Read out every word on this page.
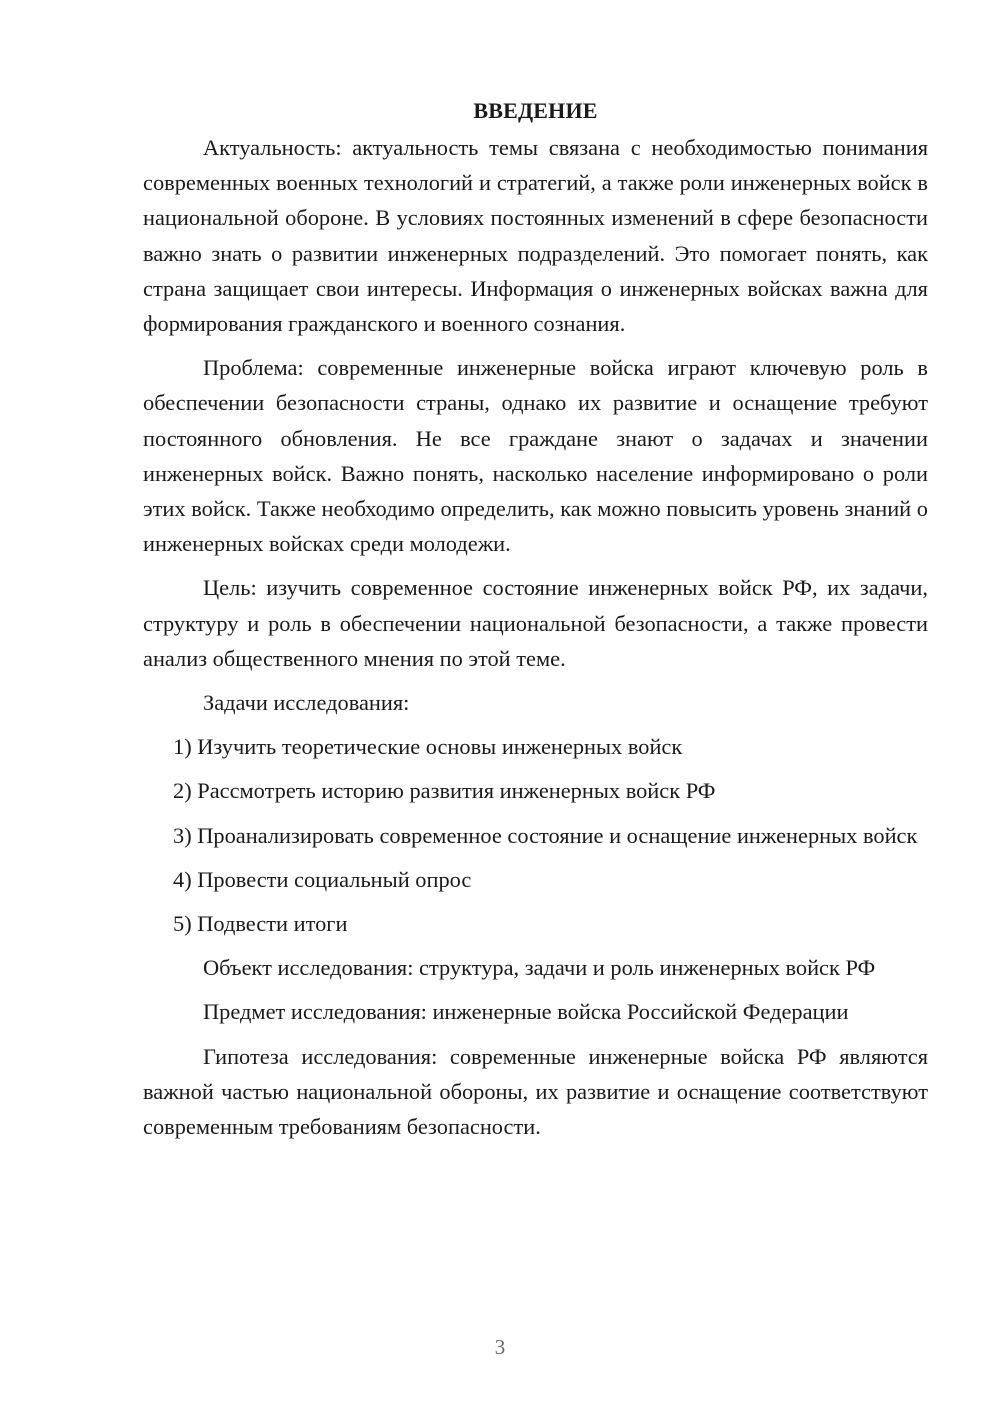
ВВЕДЕНИЕ

Актуальность: актуальность темы связана с необходимостью понимания современных военных технологий и стратегий, а также роли инженерных войск в национальной обороне. В условиях постоянных изменений в сфере безопасности важно знать о развитии инженерных подразделений. Это помогает понять, как страна защищает свои интересы. Информация о инженерных войсках важна для формирования гражданского и военного сознания.

Проблема: современные инженерные войска играют ключевую роль в обеспечении безопасности страны, однако их развитие и оснащение требуют постоянного обновления. Не все граждане знают о задачах и значении инженерных войск. Важно понять, насколько население информировано о роли этих войск. Также необходимо определить, как можно повысить уровень знаний о инженерных войсках среди молодежи.

Цель: изучить современное состояние инженерных войск РФ, их задачи, структуру и роль в обеспечении национальной безопасности, а также провести анализ общественного мнения по этой теме.

Задачи исследования:

1) Изучить теоретические основы инженерных войск

2) Рассмотреть историю развития инженерных войск РФ

3) Проанализировать современное состояние и оснащение инженерных войск

4) Провести социальный опрос

5) Подвести итоги

Объект исследования: структура, задачи и роль инженерных войск РФ

Предмет исследования: инженерные войска Российской Федерации

Гипотеза исследования: современные инженерные войска РФ являются важной частью национальной обороны, их развитие и оснащение соответствуют современным требованиям безопасности.

3
